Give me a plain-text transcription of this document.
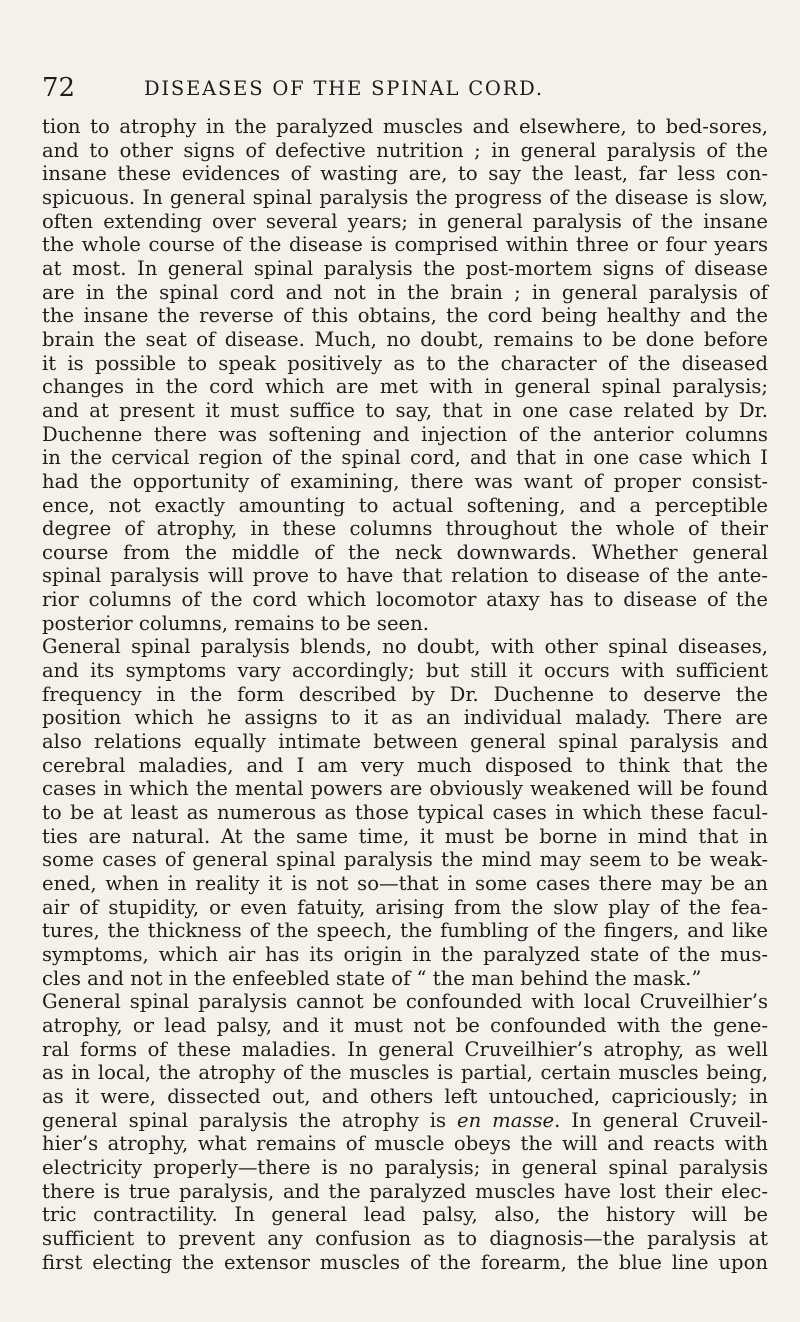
72	DISEASES OF THE SPINAL CORD.
tion to atrophy in the paralyzed muscles and elsewhere, to bed-sores,
and to other signs of defective nutrition ; in general paralysis of the
insane these evidences of wasting are, to say the least, far less con-
spicuous. In general spinal paralysis the progress of the disease is slow,
often extending over several years; in general paralysis of the insane
the whole course of the disease is comprised within three or four years
at most. In general spinal paralysis the post-mortem signs of disease
are in the spinal cord and not in the brain ; in general paralysis of
the insane the reverse of this obtains, the cord being healthy and the
brain the seat of disease. Much, no doubt, remains to be done before
it is possible to speak positively as to the character of the diseased
changes in the cord which are met with in general spinal paralysis;
and at present it must suffice to say, that in one case related by Dr.
Duchenne there was softening and injection of the anterior columns
in the cervical region of the spinal cord, and that in one case which I
had the opportunity of examining, there was want of proper consist-
ence, not exactly amounting to actual softening, and a perceptible
degree of atrophy, in these columns throughout the whole of their
course from the middle of the neck downwards. Whether general
spinal paralysis will prove to have that relation to disease of the ante-
rior columns of the cord which locomotor ataxy has to disease of the
posterior columns, remains to be seen.
General spinal paralysis blends, no doubt, with other spinal diseases,
and its symptoms vary accordingly; but still it occurs with sufficient
frequency in the form described by Dr. Duchenne to deserve the
position which he assigns to it as an individual malady. There are
also relations equally intimate between general spinal paralysis and
cerebral maladies, and I am very much disposed to think that the
cases in which the mental powers are obviously weakened will be found
to be at least as numerous as those typical cases in which these facul-
ties are natural. At the same time, it must be borne in mind that in
some cases of general spinal paralysis the mind may seem to be weak-
ened, when in reality it is not so—that in some cases there may be an
air of stupidity, or even fatuity, arising from the slow play of the fea-
tures, the thickness of the speech, the fumbling of the fingers, and like
symptoms, which air has its origin in the paralyzed state of the mus-
cles and not in the enfeebled state of “ the man behind the mask.”
General spinal paralysis cannot be confounded with local Cruveilhier’s
atrophy, or lead palsy, and it must not be confounded with the gene-
ral forms of these maladies. In general Cruveilhier’s atrophy, as well
as in local, the atrophy of the muscles is partial, certain muscles being,
as it were, dissected out, and others left untouched, capriciously; in
general spinal paralysis the atrophy is en masse. In general Cruveil-
hier’s atrophy, what remains of muscle obeys the will and reacts with
electricity properly—there is no paralysis; in general spinal paralysis
there is true paralysis, and the paralyzed muscles have lost their elec-
tric contractility. In general lead palsy, also, the history will be
sufficient to prevent any confusion as to diagnosis—the paralysis at
first electing the extensor muscles of the forearm, the blue line upon
